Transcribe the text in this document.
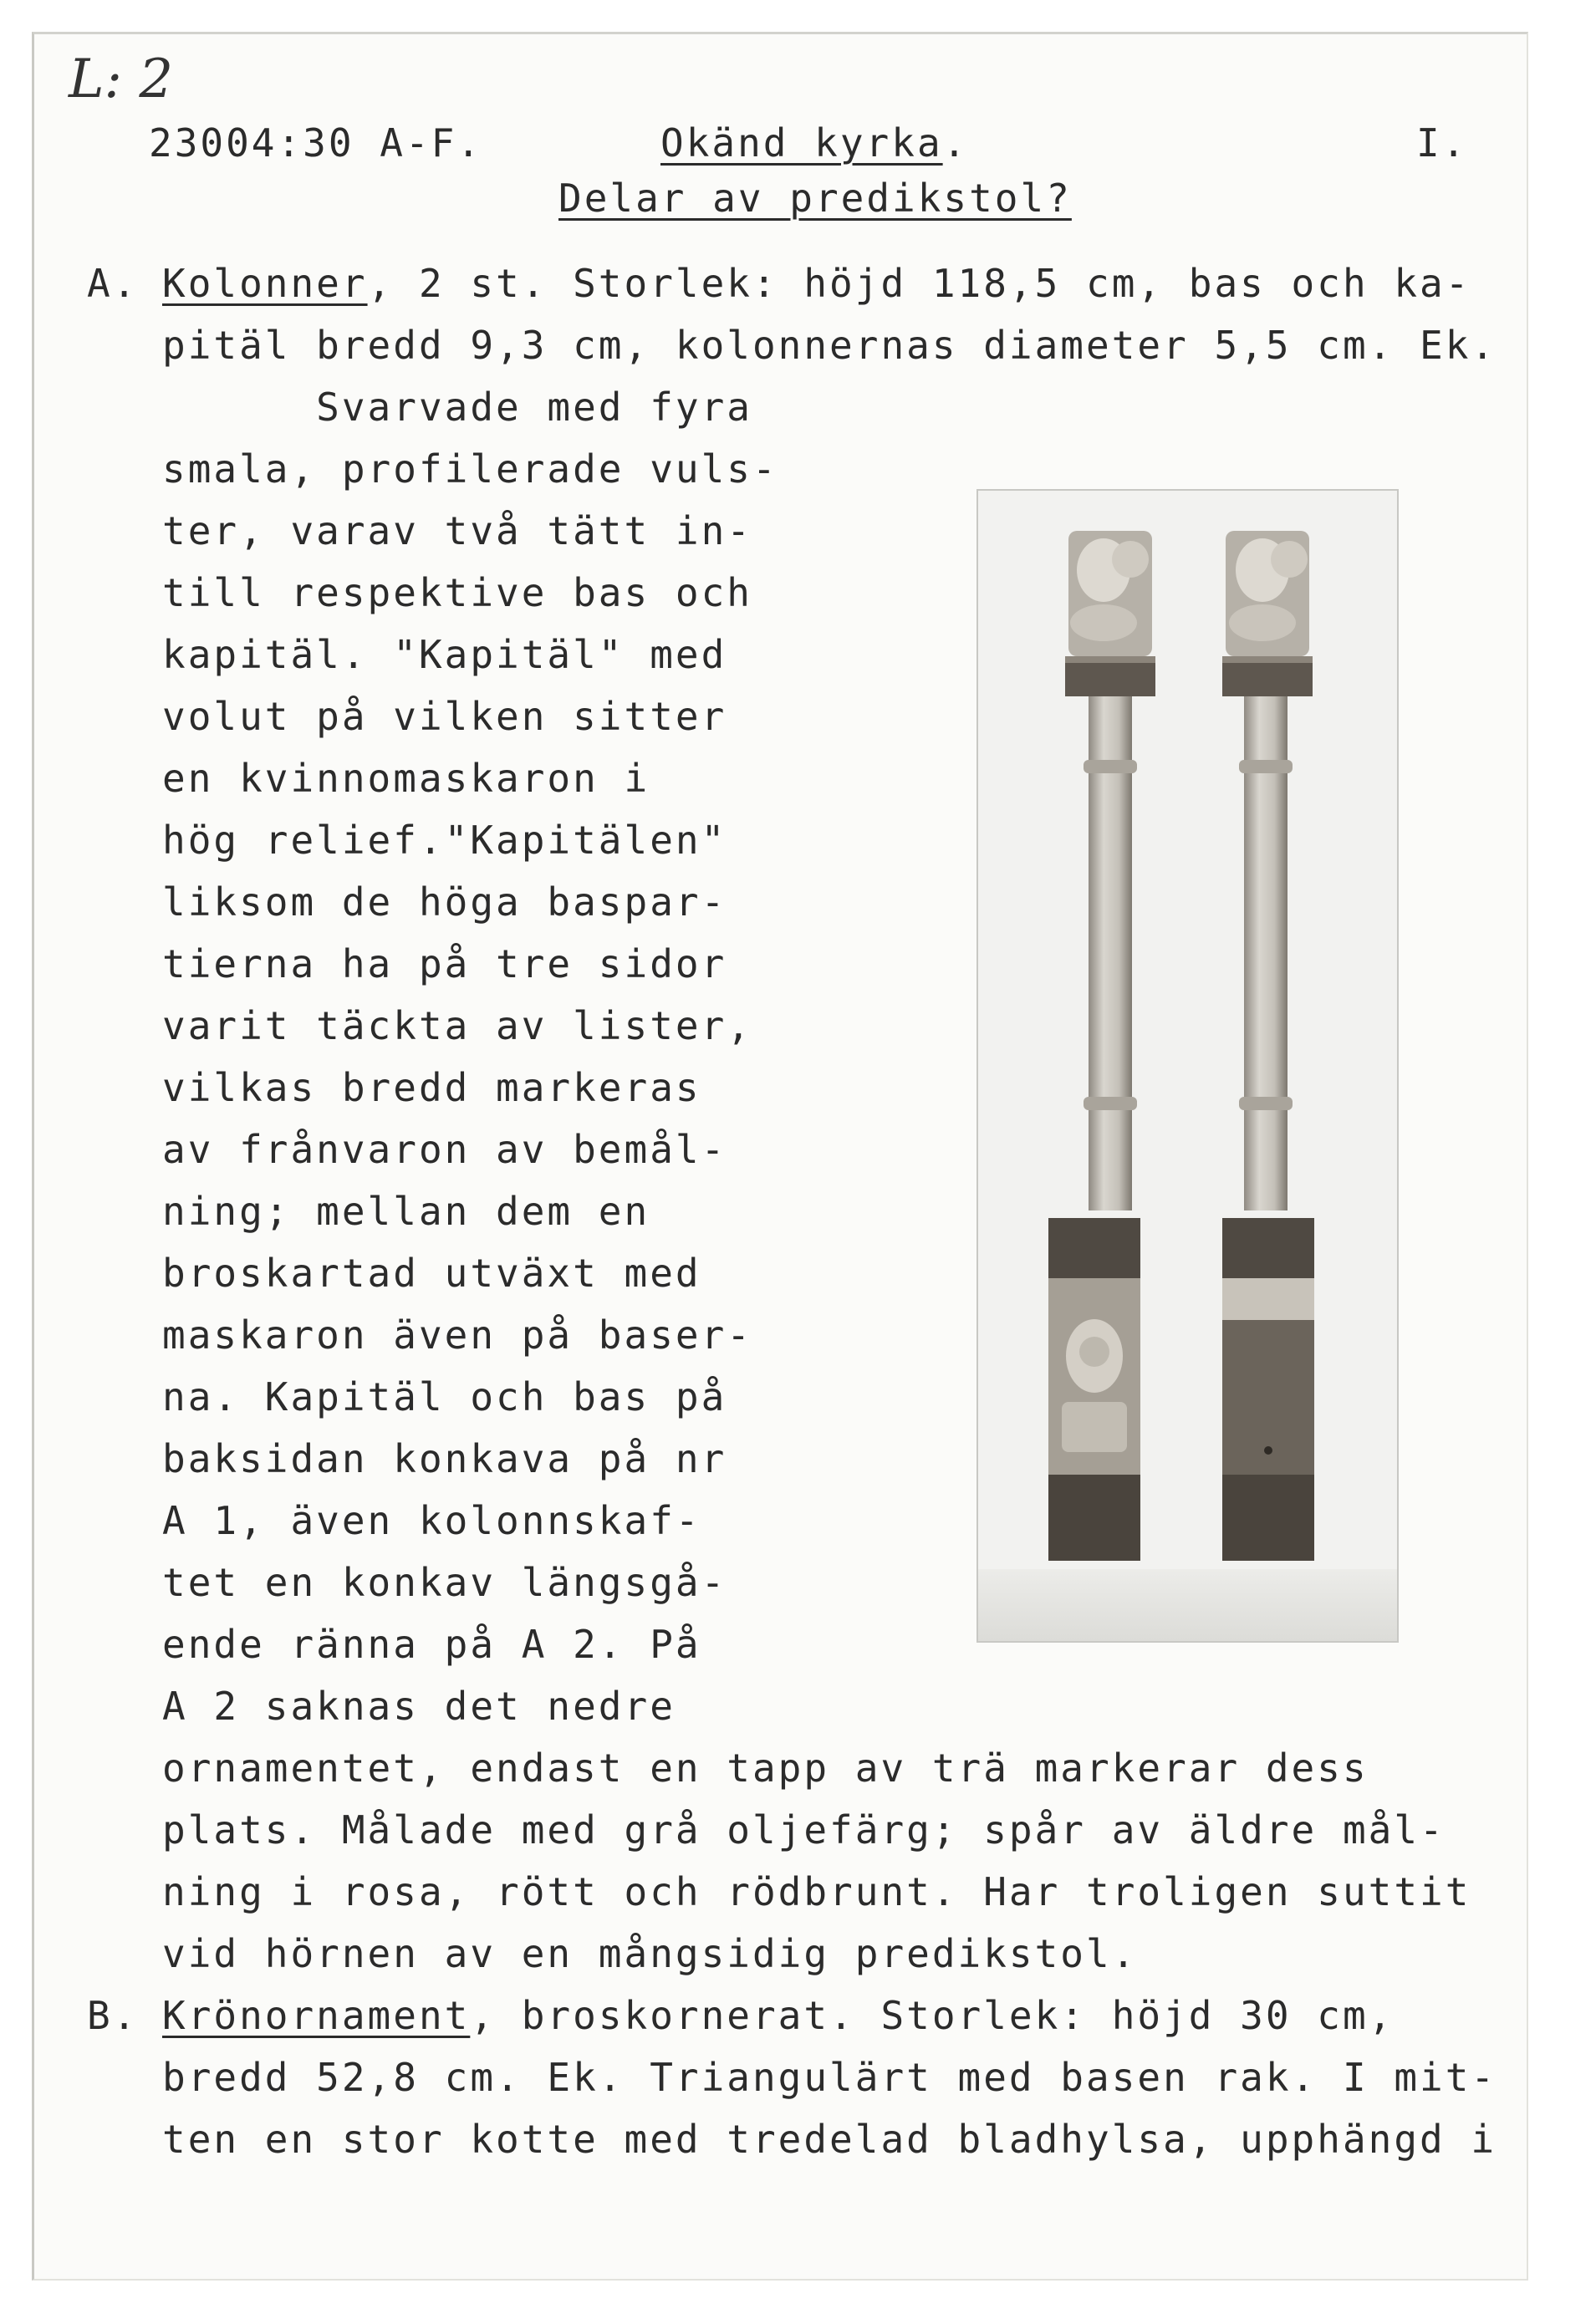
L: 2
23004:30 A-F.	Okänd kyrka.	I.
Delar av predikstol?
A. Kolonner, 2 st. Storlek: höjd 118,5 cm, bas och ka-
pitäl bredd 9,3 cm, kolonnernas diameter 5,5 cm. Ek.
Svarvade med fyra
smala, profilerade vuls-
ter, varav två tätt in-
till respektive bas och
kapitäl. "Kapitäl" med
volut på vilken sitter
en kvinnomaskaron i
hög relief."Kapitälen"
liksom de höga baspar-
tierna ha på tre sidor
varit täckta av lister,
vilkas bredd markeras
av frånvaron av bemål-
ning; mellan dem en
broskartad utväxt med
maskaron även på baser-
na. Kapitäl och bas på
baksidan konkava på nr
A 1, även kolonnskaf-
tet en konkav längsgå-
ende ränna på A 2. På
A 2 saknas det nedre
ornamentet, endast en tapp av trä markerar dess
plats. Målade med grå oljefärg; spår av äldre mål-
ning i rosa, rött och rödbrunt. Har troligen suttit
vid hörnen av en mångsidig predikstol.
B. Krönornament, broskornerat. Storlek: höjd 30 cm,
bredd 52,8 cm. Ek. Triangulärt med basen rak. I mit-
ten en stor kotte med tredelad bladhylsa, upphängd i
